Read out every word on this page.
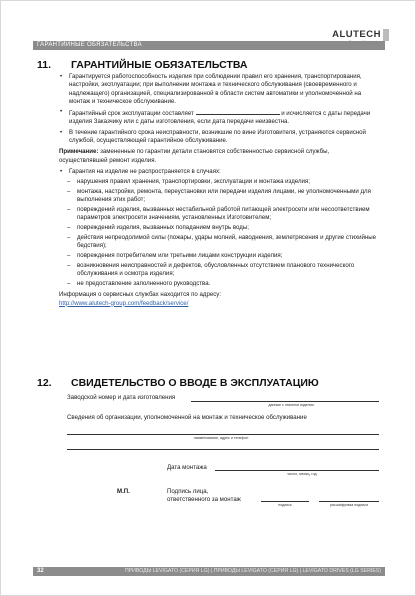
ГАРАНТИЙНЫЕ ОБЯЗАТЕЛЬСТВА
ALUTECH
Group of Companies
11. ГАРАНТИЙНЫЕ ОБЯЗАТЕЛЬСТВА
• Гарантируется работоспособность изделия при соблюдении правил его хранения, транспортирования, настройки, эксплуатации; при выполнении монтажа и технического обслуживания (своевременного и надлежащего) организацией, специализированной в области систем автоматики и уполномоченной на монтаж и техническое обслуживание.
• Гарантийный срок эксплуатации составляет	и исчисляется с даты передачи изделия Заказчику или с даты изготовления, если дата передачи неизвестна.
• В течение гарантийного срока неисправности, возникшие по вине Изготовителя, устраняются сервисной службой, осуществляющей гарантийное обслуживание.
Примечание: замененные по гарантии детали становятся собственностью сервисной службы, осуществлявшей ремонт изделия.
• Гарантия на изделие не распространяется в случаях:
– нарушения правил хранения, транспортировки, эксплуатации и монтажа изделия;
– монтажа, настройки, ремонта, переустановки или передачи изделия лицами, не уполномоченными для выполнения этих работ;
– повреждений изделия, вызванных нестабильной работой питающей электросети или несоответствием параметров электросети значениям, установленных Изготовителем;
– повреждений изделия, вызванных попаданием внутрь воды;
– действия непреодолимой силы (пожары, удары молний, наводнения, землетрясения и другие стихийные бедствия);
– повреждения потребителем или третьими лицами конструкции изделия;
– возникновения неисправностей и дефектов, обусловленных отсутствием планового технического обслуживания и осмотра изделия;
– не предоставление заполненного руководства.
Информация о сервисных службах находится по адресу:
http://www.alutech-group.com/feedback/service/
12. СВИДЕТЕЛЬСТВО О ВВОДЕ В ЭКСПЛУАТАЦИЮ
Заводской номер и дата изготовления
данные с этикетки изделия
Сведения об организации, уполномоченной на монтаж и техническое обслуживание
наименование, адрес и телефон
Дата монтажа
число, месяц, год
М.П.	Подпись лица,
ответственного за монтаж
подпись	расшифровка подписи
32	ПРИВОДЫ LEVIGATO (СЕРИЯ LG) | ПРИВОДЫ LEVIGATO (СЕРИЯ LG) | LEVIGATO DRIVES (LG SERIES)
